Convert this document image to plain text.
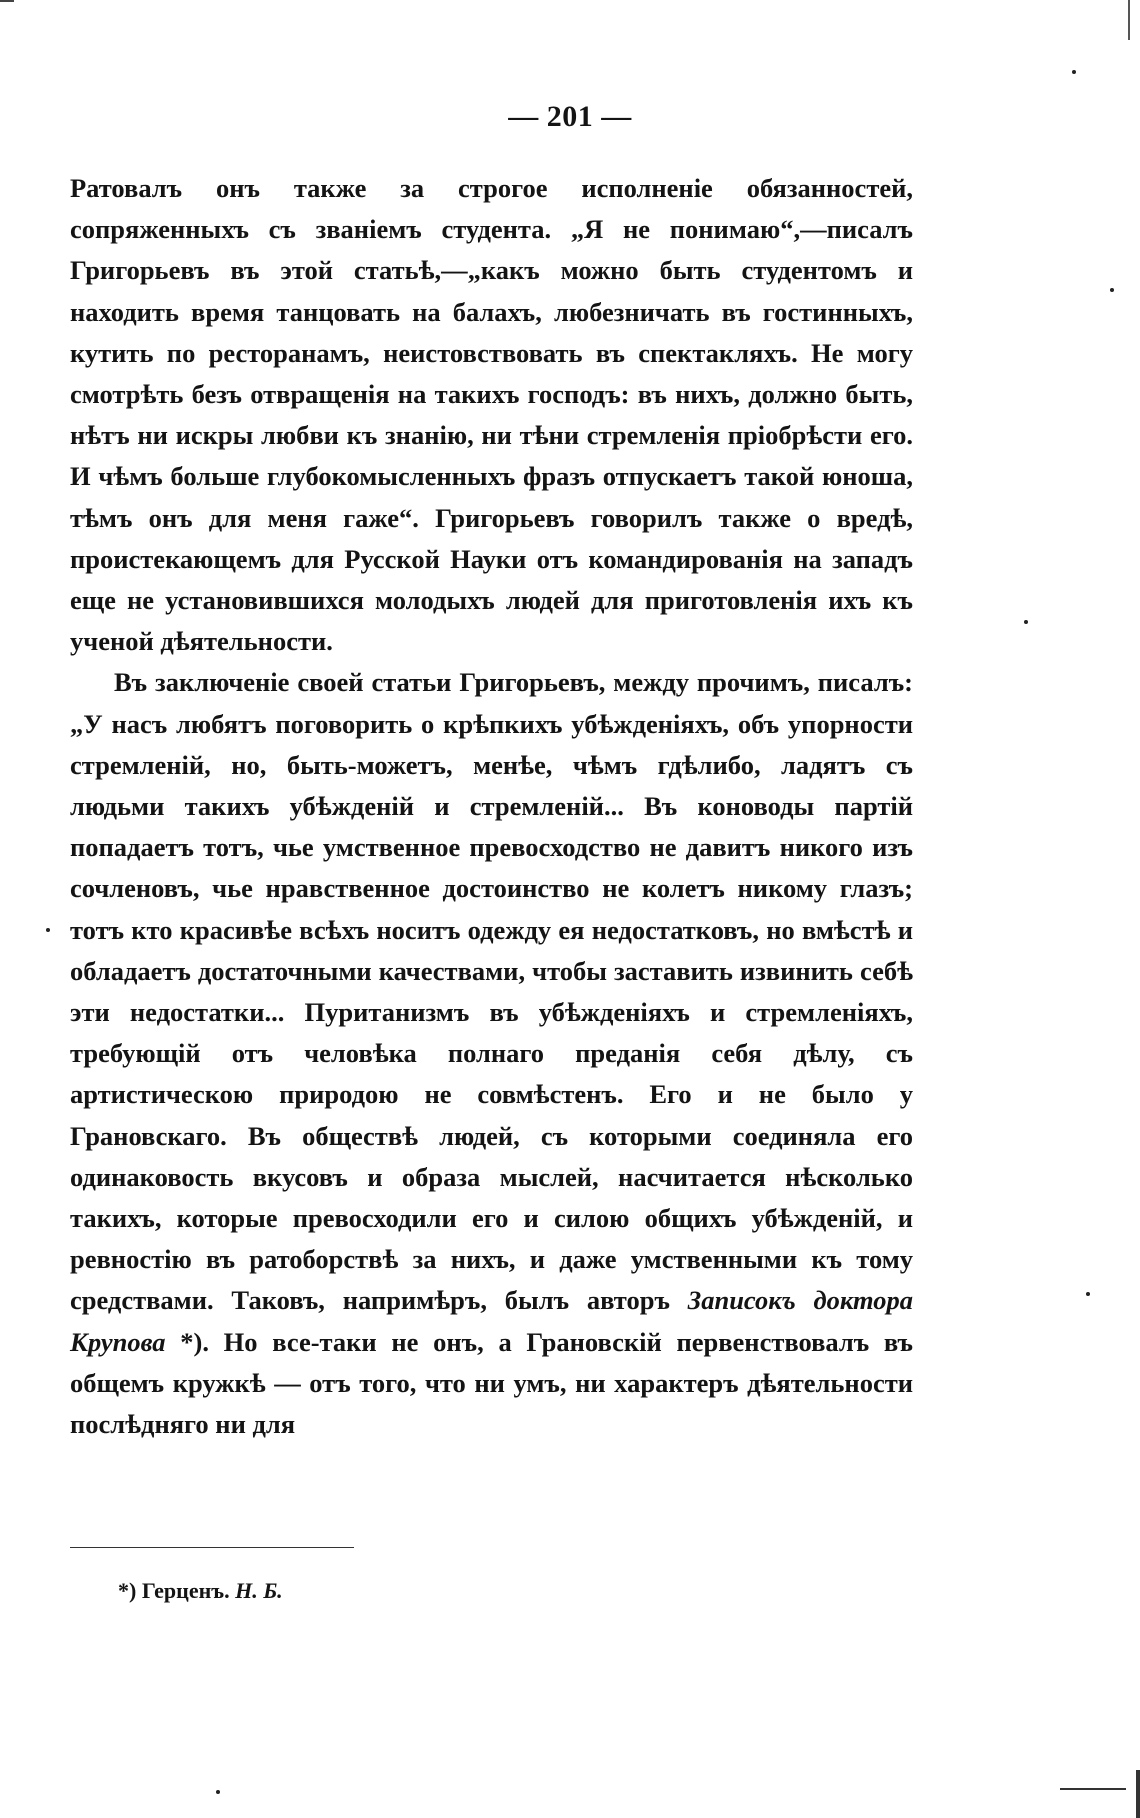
— 201 —

Ратовалъ онъ также за строгое исполненіе обязанностей, сопряженныхъ съ званіемъ студента. „Я не понимаю“,—писалъ Григорьевъ въ этой статьѣ,—„какъ можно быть студентомъ и находить время танцовать на балахъ, любезничать въ гостинныхъ, кутить по ресторанамъ, неистовствовать въ спектакляхъ. Не могу смотрѣть безъ отвращенія на такихъ господъ: въ нихъ, должно быть, нѣтъ ни искры любви къ знанію, ни тѣни стремленія пріобрѣсти его. И чѣмъ больше глубокомысленныхъ фразъ отпускаетъ такой юноша, тѣмъ онъ для меня гаже“. Григорьевъ говорилъ также о вредѣ, проистекающемъ для Русской Науки отъ командированія на западъ еще не установившихся молодыхъ людей для приготовленія ихъ къ ученой дѣятельности.

Въ заключеніе своей статьи Григорьевъ, между прочимъ, писалъ: „У насъ любятъ поговорить о крѣпкихъ убѣжденіяхъ, объ упорности стремленій, но, быть-можетъ, менѣе, чѣмъ гдѣлибо, ладятъ съ людьми такихъ убѣжденій и стремленій... Въ коноводы партій попадаетъ тотъ, чье умственное превосходство не давитъ никого изъ сочленовъ, чье нравственное достоинство не колетъ никому глазъ; тотъ кто красивѣе всѣхъ носитъ одежду ея недостатковъ, но вмѣстѣ и обладаетъ достаточными качествами, чтобы заставить извинить себѣ эти недостатки... Пуританизмъ въ убѣжденіяхъ и стремленіяхъ, требующій отъ человѣка полнаго преданія себя дѣлу, съ артистическою природою не совмѣстенъ. Его и не было у Грановскаго. Въ обществѣ людей, съ которыми соединяла его одинаковость вкусовъ и образа мыслей, насчитается нѣсколько такихъ, которые превосходили его и силою общихъ убѣжденій, и ревностію въ ратоборствѣ за нихъ, и даже умственными къ тому средствами. Таковъ, напримѣръ, былъ авторъ Записокъ доктора Крупова *). Но все-таки не онъ, а Грановскій первенствовалъ въ общемъ кружкѣ — отъ того, что ни умъ, ни характеръ дѣятельности послѣдняго ни для

*) Герценъ. Н. Б.
